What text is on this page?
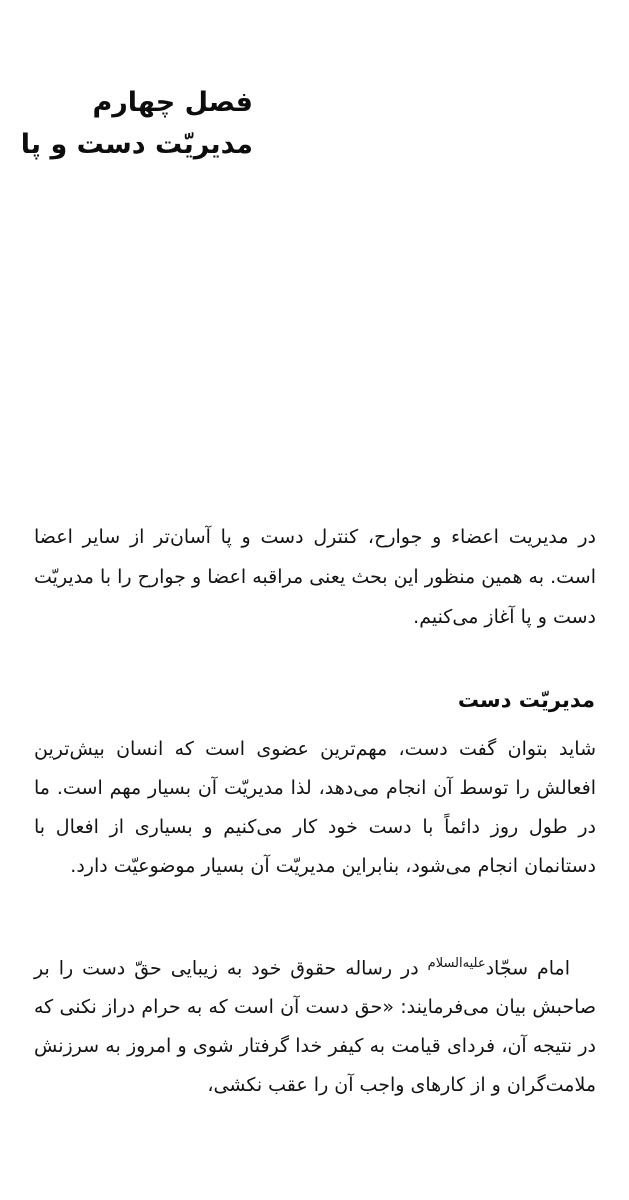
فصل چهارم
مدیریّت دست و پا

در مدیریت اعضاء و جوارح، کنترل دست و پا آسان‌تر از سایر اعضا است. به همین منظور این بحث یعنی مراقبه اعضا و جوارح را با مدیریّت دست و پا آغاز می‌کنیم.

مدیریّت دست

شاید بتوان گفت دست، مهم‌ترین عضوی است که انسان بیش‌ترین افعالش را توسط آن انجام می‌دهد، لذا مدیریّت آن بسیار مهم است. ما در طول روز دائماً با دست خود کار می‌کنیم و بسیاری از افعال با دستانمان انجام می‌شود، بنابراین مدیریّت آن بسیار موضوعیّت دارد.

امام سجّاد$^{علیه‌السلام}$ در رساله حقوق خود به زیبایی حقّ دست را بر صاحبش بیان می‌فرمایند: «حق دست آن است که به حرام دراز نکنی که در نتیجه آن، فردای قیامت به کیفر خدا گرفتار شوی و امروز به سرزنش ملامت‌گران و از کارهای واجب آن را عقب نکشی،
